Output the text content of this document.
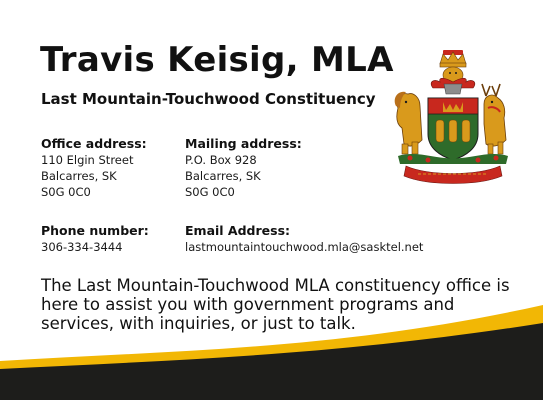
Travis Keisig, MLA
Last Mountain-Touchwood Constituency
Office address:
110 Elgin Street
Balcarres, SK
S0G 0C0
Mailing address:
P.O. Box 928
Balcarres, SK
S0G 0C0
Phone number:
306-334-3444
Email Address:
lastmountaintouchwood.mla@sasktel.net
The Last Mountain-Touchwood MLA constituency office is here to assist you with government programs and services, with inquiries, or just to talk.
